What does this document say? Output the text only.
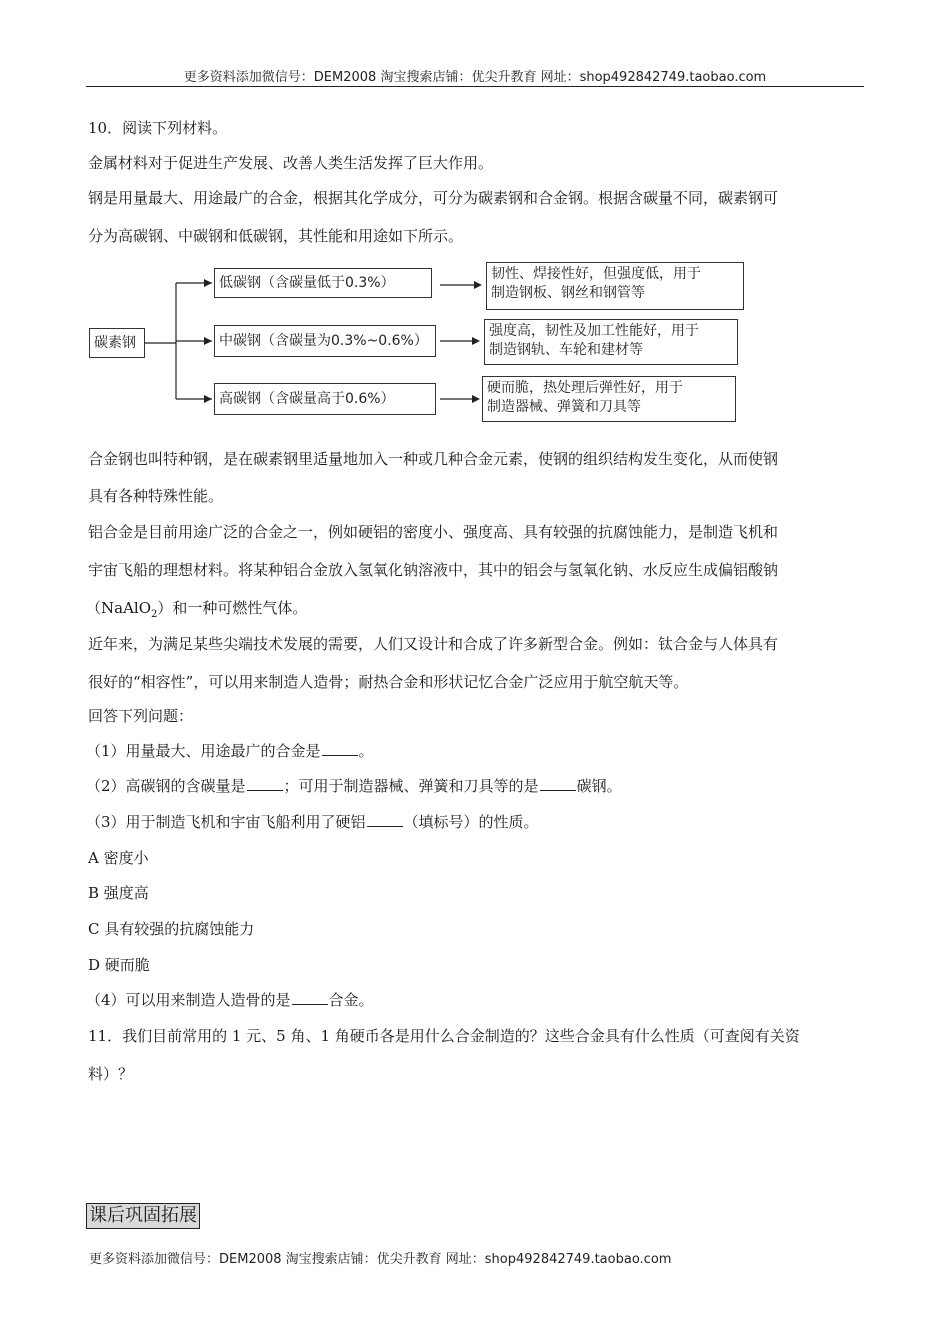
更多资料添加微信号：DEM2008 淘宝搜索店铺：优尖升教育 网址：shop492842749.taobao.com
10．阅读下列材料。
金属材料对于促进生产发展、改善人类生活发挥了巨大作用。
钢是用量最大、用途最广的合金，根据其化学成分，可分为碳素钢和合金钢。根据含碳量不同，碳素钢可
分为高碳钢、中碳钢和低碳钢，其性能和用途如下所示。
碳素钢
低碳钢（含碳量低于0.3%）
中碳钢（含碳量为0.3%~0.6%）
高碳钢（含碳量高于0.6%）
韧性、焊接性好，但强度低，用于
制造钢板、钢丝和钢管等
强度高，韧性及加工性能好，用于
制造钢轨、车轮和建材等
硬而脆，热处理后弹性好，用于
制造器械、弹簧和刀具等
合金钢也叫特种钢，是在碳素钢里适量地加入一种或几种合金元素，使钢的组织结构发生变化，从而使钢
具有各种特殊性能。
铝合金是目前用途广泛的合金之一，例如硬铝的密度小、强度高、具有较强的抗腐蚀能力，是制造飞机和
宇宙飞船的理想材料。将某种铝合金放入氢氧化钠溶液中，其中的铝会与氢氧化钠、水反应生成偏铝酸钠
（NaAlO$_2$）和一种可燃性气体。
近年来，为满足某些尖端技术发展的需要，人们又设计和合成了许多新型合金。例如：钛合金与人体具有
很好的“相容性”，可以用来制造人造骨；耐热合金和形状记忆合金广泛应用于航空航天等。
回答下列问题：
（1）用量最大、用途最广的合金是	。
（2）高碳钢的含碳量是	；可用于制造器械、弹簧和刀具等的是	碳钢。
（3）用于制造飞机和宇宙飞船利用了硬铝	（填标号）的性质。
A 密度小
B 强度高
C 具有较强的抗腐蚀能力
D 硬而脆
（4）可以用来制造人造骨的是	合金。
11．我们目前常用的 1 元、5 角、1 角硬币各是用什么合金制造的？这些合金具有什么性质（可查阅有关资
料）？
课后巩固拓展
更多资料添加微信号：DEM2008 淘宝搜索店铺：优尖升教育 网址：shop492842749.taobao.com
